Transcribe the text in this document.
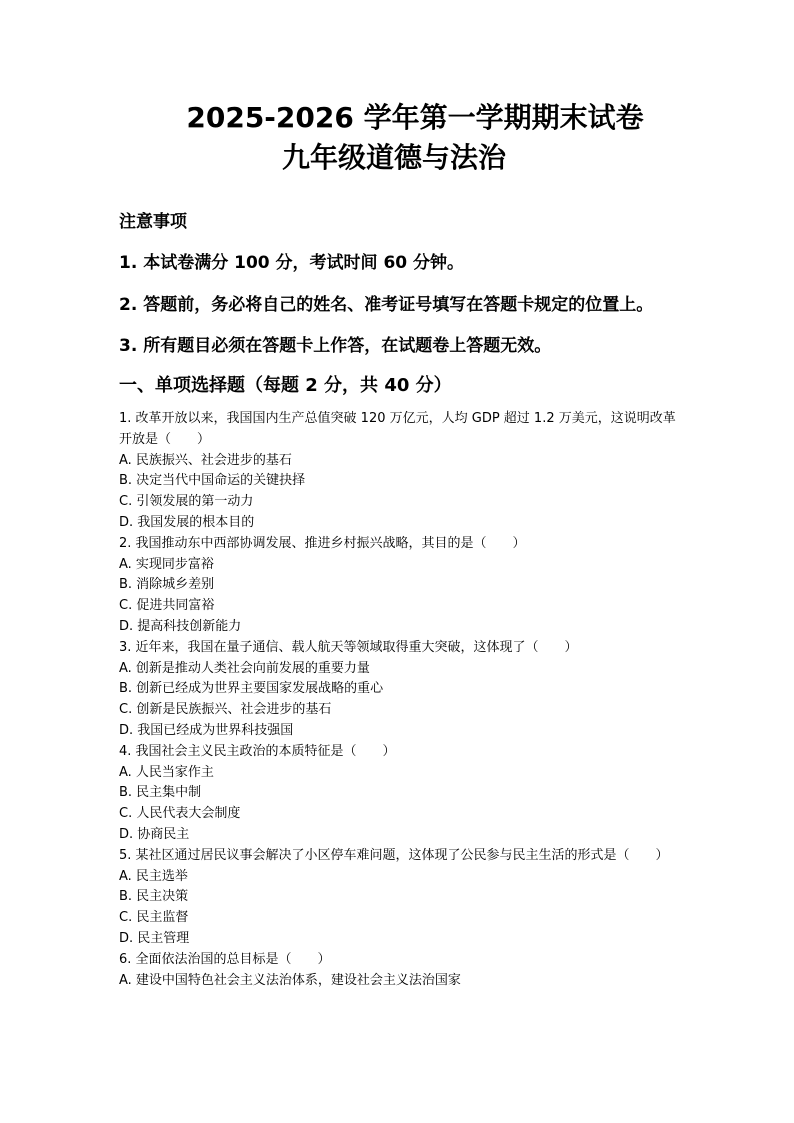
2025-2026 学年第一学期期末试卷
九年级道德与法治
注意事项

1. 本试卷满分 100 分，考试时间 60 分钟。

2. 答题前，务必将自己的姓名、准考证号填写在答题卡规定的位置上。

3. 所有题目必须在答题卡上作答，在试题卷上答题无效。

一、单项选择题（每题 2 分，共 40 分）

1. 改革开放以来，我国国内生产总值突破 120 万亿元，人均 GDP 超过 1.2 万美元，这说明改革开放是（　　）

A. 民族振兴、社会进步的基石

B. 决定当代中国命运的关键抉择

C. 引领发展的第一动力

D. 我国发展的根本目的

2. 我国推动东中西部协调发展、推进乡村振兴战略，其目的是（　　）

A. 实现同步富裕

B. 消除城乡差别

C. 促进共同富裕

D. 提高科技创新能力

3. 近年来，我国在量子通信、载人航天等领域取得重大突破，这体现了（　　）

A. 创新是推动人类社会向前发展的重要力量

B. 创新已经成为世界主要国家发展战略的重心

C. 创新是民族振兴、社会进步的基石

D. 我国已经成为世界科技强国

4. 我国社会主义民主政治的本质特征是（　　）

A. 人民当家作主

B. 民主集中制

C. 人民代表大会制度

D. 协商民主

5. 某社区通过居民议事会解决了小区停车难问题，这体现了公民参与民主生活的形式是（　　）

A. 民主选举

B. 民主决策

C. 民主监督

D. 民主管理

6. 全面依法治国的总目标是（　　）

A. 建设中国特色社会主义法治体系，建设社会主义法治国家
